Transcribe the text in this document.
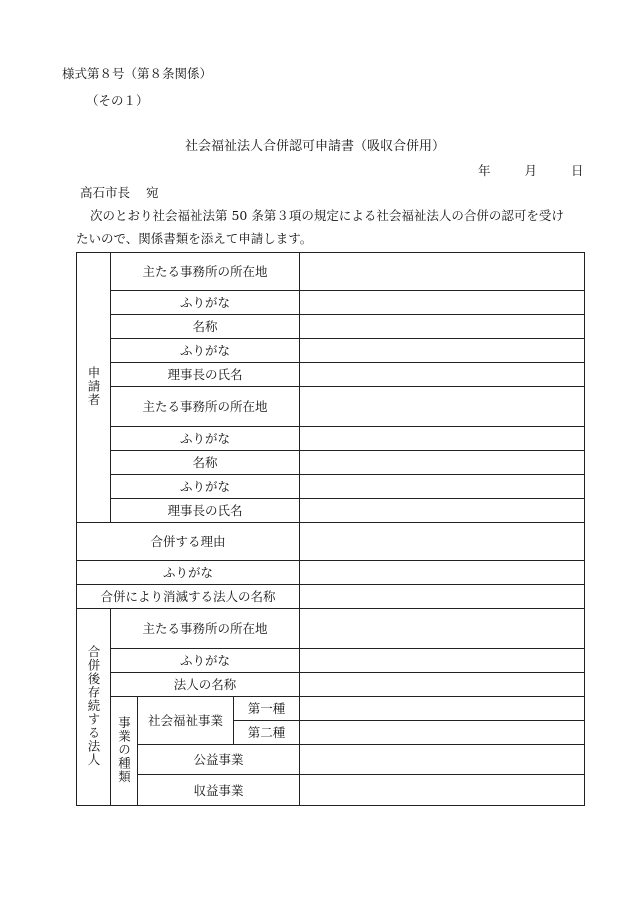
様式第８号（第８条関係）
（その１）
社会福祉法人合併認可申請書（吸収合併用）
年	月	日
高石市長 宛
次のとおり社会福祉法第 50 条第３項の規定による社会福祉法人の合併の認可を受け
たいので、関係書類を添えて申請します。
申請者	主たる事務所の所在地			
	ふりがな			
	名称			
	ふりがな			
	理事長の氏名			
	主たる事務所の所在地			
	ふりがな			
	名称			
	ふりがな			
	理事長の氏名			
合併する理由				
ふりがな				
合併により消滅する法人の名称				
合併後存続する法人	主たる事務所の所在地			
	ふりがな			
	法人の名称			
	事業の種類	社会福祉事業	第一種	
			第二種	
		公益事業		
		収益事業		
